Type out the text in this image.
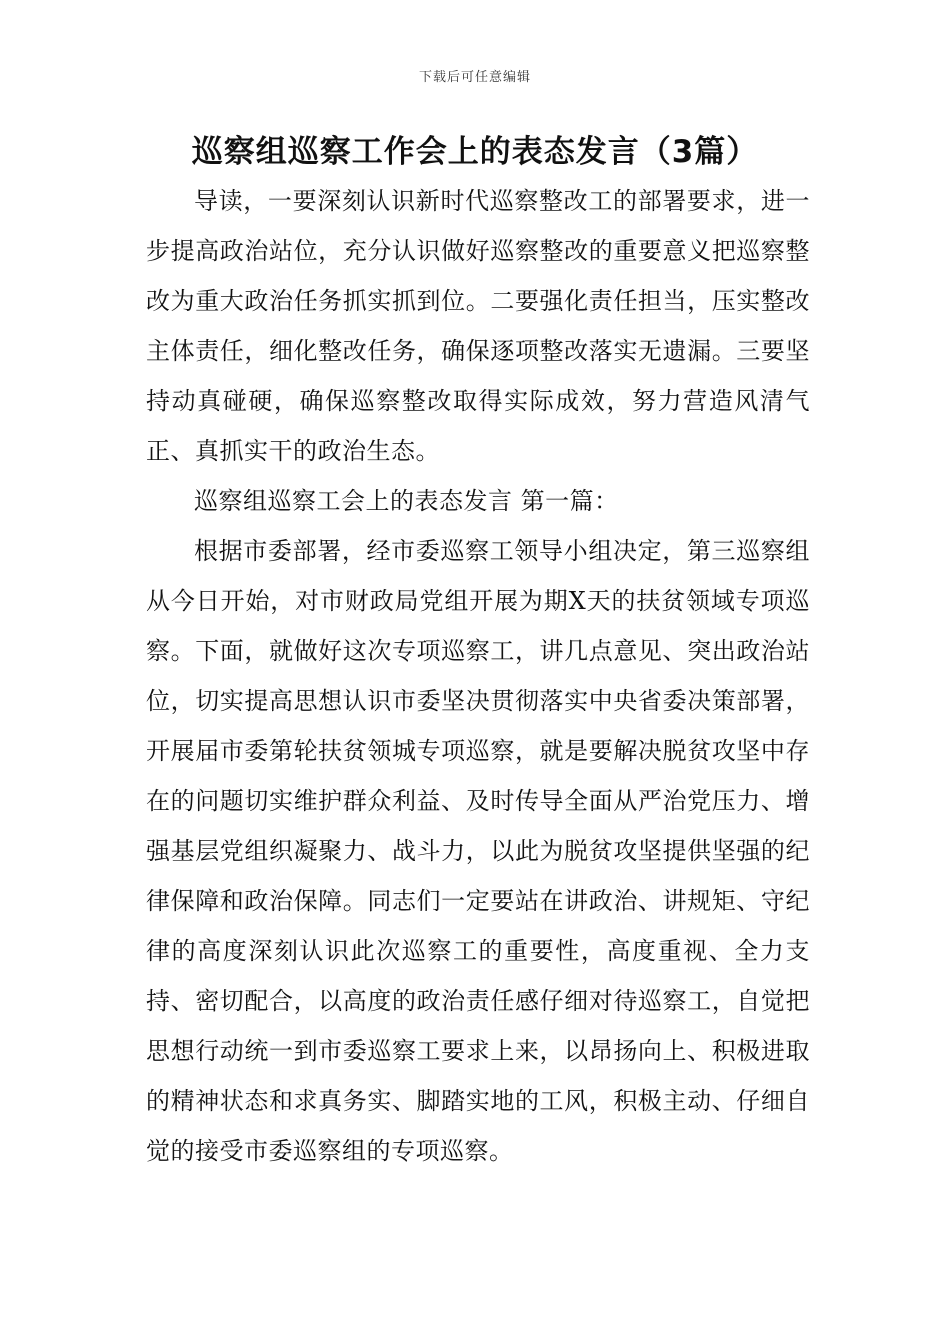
下载后可任意编辑
巡察组巡察工作会上的表态发言（3篇）

导读，一要深刻认识新时代巡察整改工的部署要求，进一步提高政治站位，充分认识做好巡察整改的重要意义把巡察整改为重大政治任务抓实抓到位。二要强化责任担当，压实整改主体责任，细化整改任务，确保逐项整改落实无遗漏。三要坚持动真碰硬，确保巡察整改取得实际成效，努力营造风清气正、真抓实干的政治生态。

巡察组巡察工会上的表态发言 第一篇：

根据市委部署，经市委巡察工领导小组决定，第三巡察组从今日开始，对市财政局党组开展为期X天的扶贫领域专项巡察。下面，就做好这次专项巡察工，讲几点意见、突出政治站位，切实提高思想认识市委坚决贯彻落实中央省委决策部署，开展届市委第轮扶贫领城专项巡察，就是要解决脱贫攻坚中存在的问题切实维护群众利益、及时传导全面从严治党压力、增强基层党组织凝聚力、战斗力，以此为脱贫攻坚提供坚强的纪律保障和政治保障。同志们一定要站在讲政治、讲规矩、守纪律的高度深刻认识此次巡察工的重要性，高度重视、全力支持、密切配合，以高度的政治责任感仔细对待巡察工，自觉把思想行动统一到市委巡察工要求上来，以昂扬向上、积极进取的精神状态和求真务实、脚踏实地的工风，积极主动、仔细自觉的接受市委巡察组的专项巡察。
